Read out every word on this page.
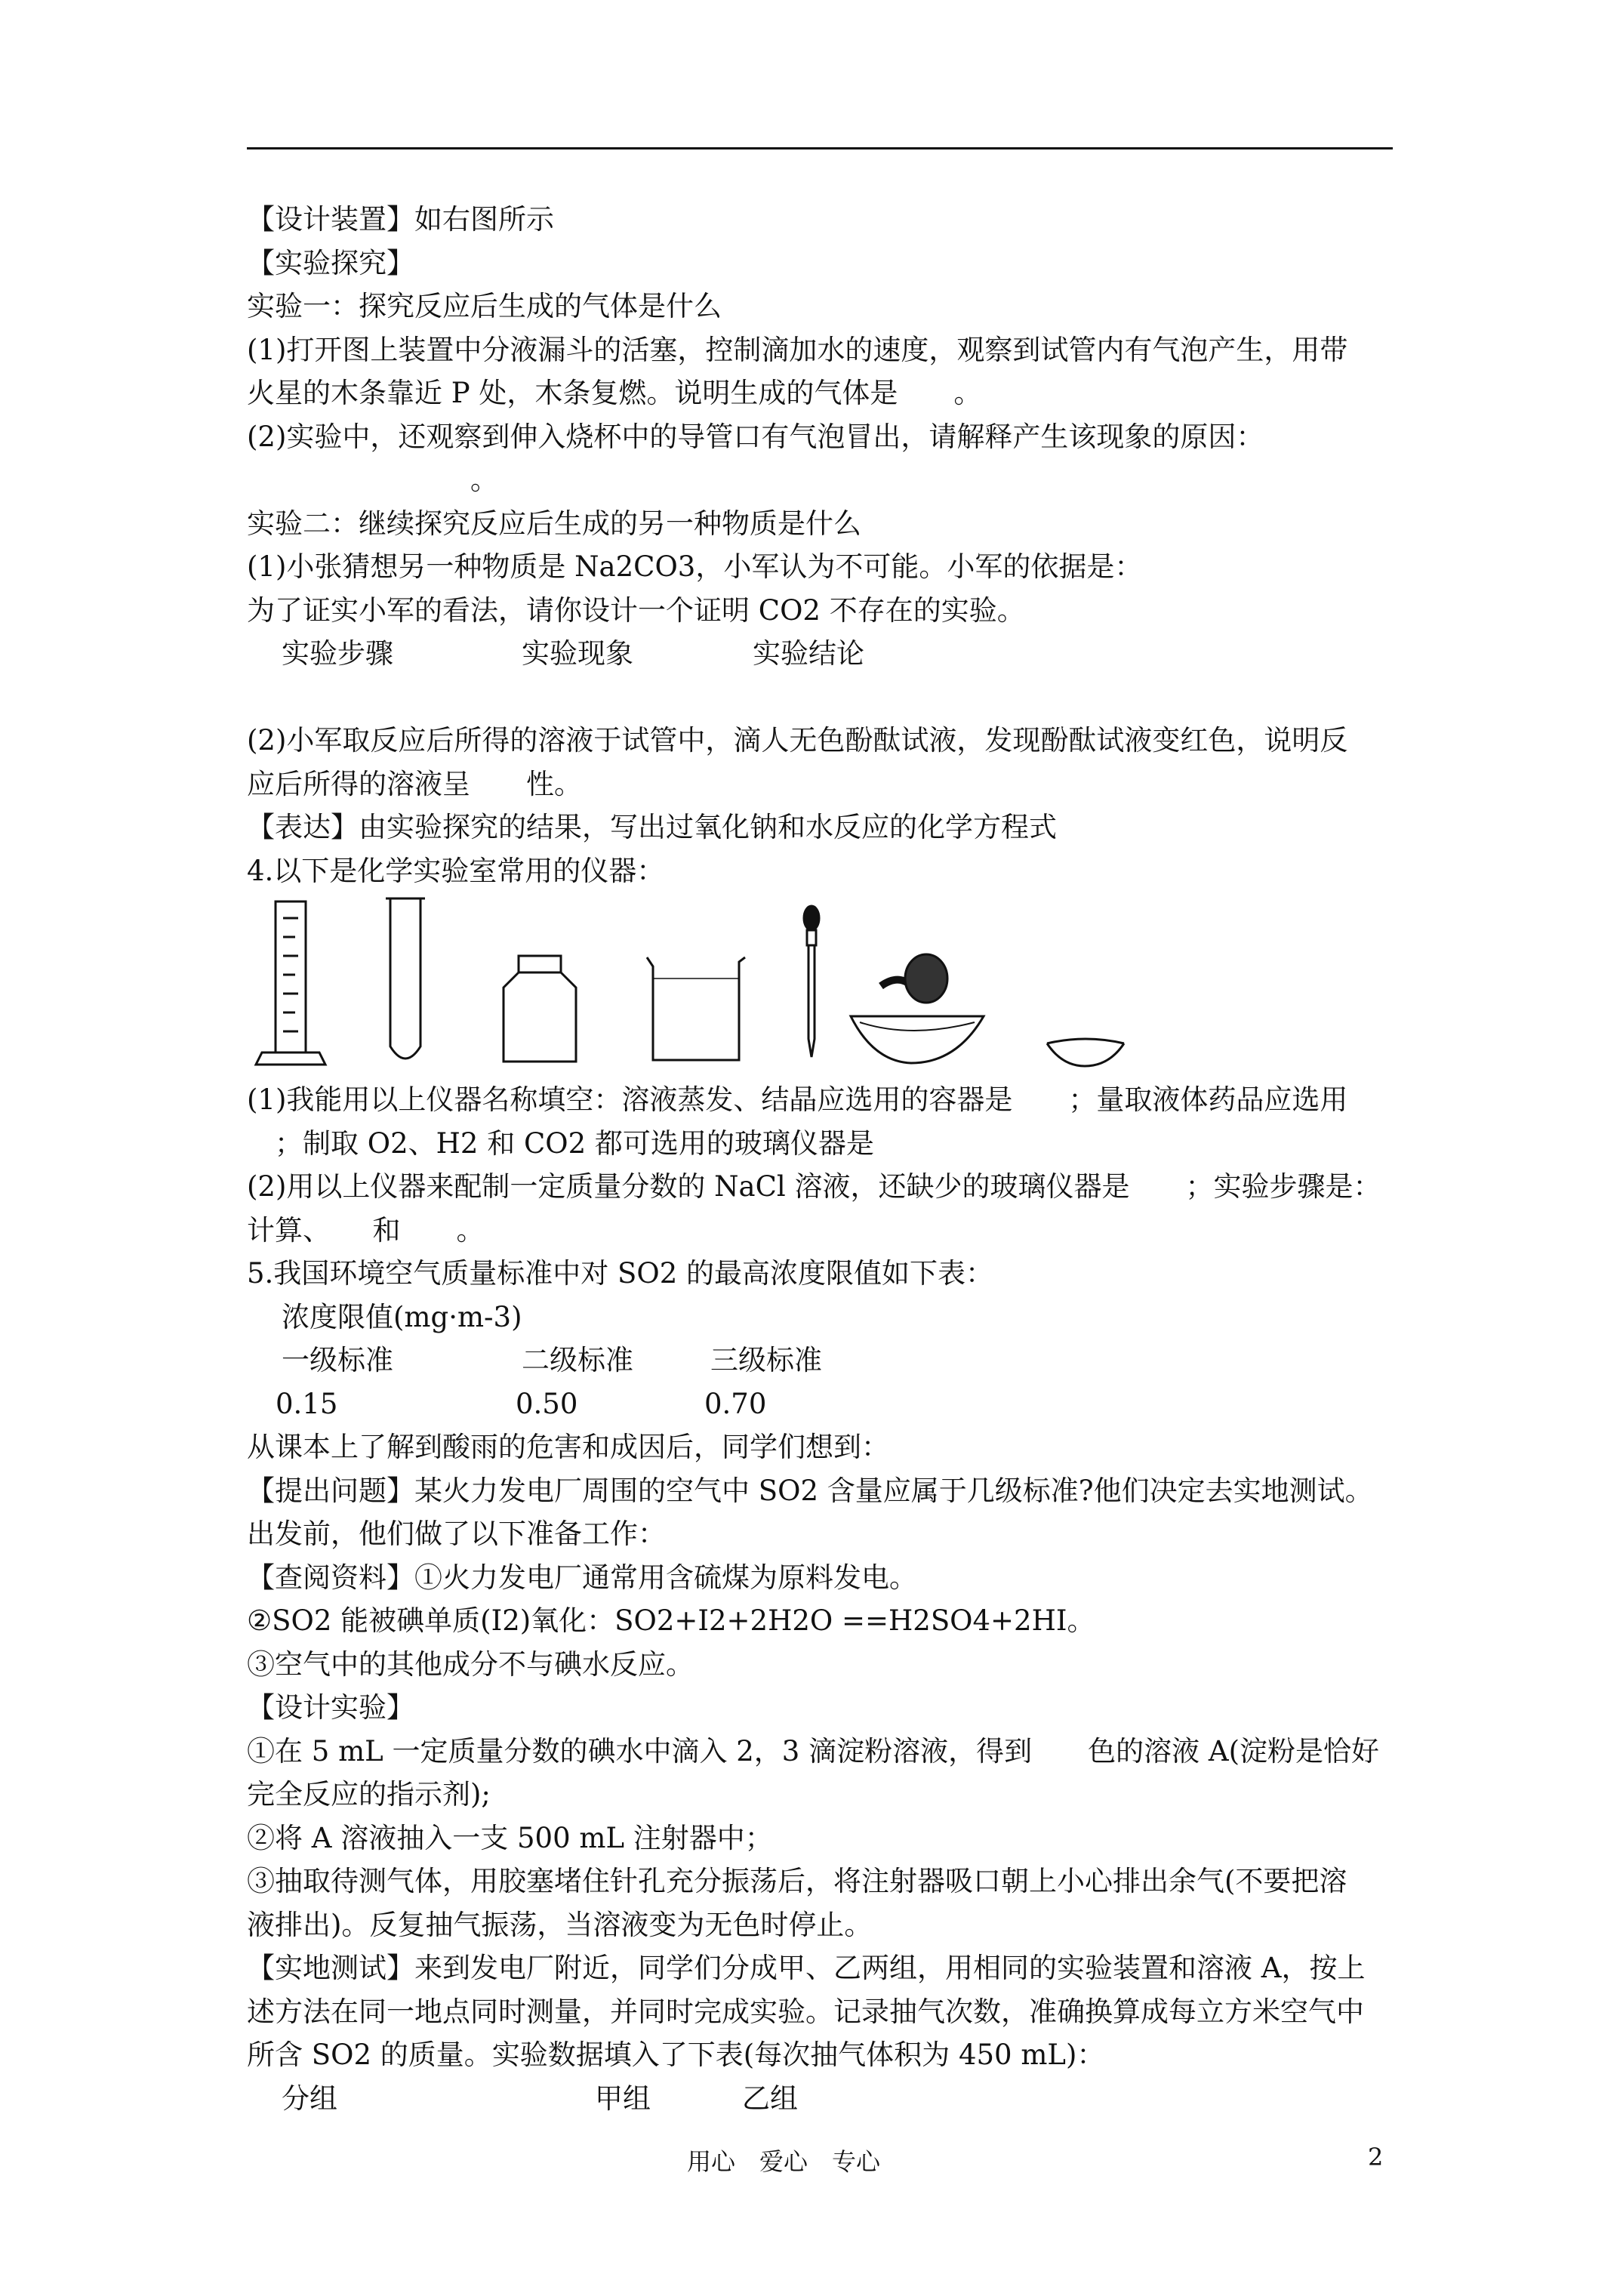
【设计装置】如右图所示
【实验探究】
实验一：探究反应后生成的气体是什么
(1)打开图上装置中分液漏斗的活塞，控制滴加水的速度，观察到试管内有气泡产生，用带
火星的木条靠近 P 处，木条复燃。说明生成的气体是　　。
(2)实验中，还观察到伸入烧杯中的导管口有气泡冒出，请解释产生该现象的原因：
　　　　　　　　。
实验二：继续探究反应后生成的另一种物质是什么
(1)小张猜想另一种物质是 Na2CO3，小军认为不可能。小军的依据是：
为了证实小军的看法，请你设计一个证明 CO2 不存在的实验。
实验步骤	实验现象	实验结论
(2)小军取反应后所得的溶液于试管中，滴人无色酚酞试液，发现酚酞试液变红色，说明反
应后所得的溶液呈　　性。
【表达】由实验探究的结果，写出过氧化钠和水反应的化学方程式
4.以下是化学实验室常用的仪器：
(1)我能用以上仪器名称填空：溶液蒸发、结晶应选用的容器是　　；量取液体药品应选用
　；制取 O2、H2 和 CO2 都可选用的玻璃仪器是
(2)用以上仪器来配制一定质量分数的 NaCl 溶液，还缺少的玻璃仪器是　　；实验步骤是：
计算、　　和　　。
5.我国环境空气质量标准中对 SO2 的最高浓度限值如下表：
浓度限值(mg·m-3)
一级标准	二级标准	三级标准
0.15	0.50	0.70
从课本上了解到酸雨的危害和成因后，同学们想到：
【提出问题】某火力发电厂周围的空气中 SO2 含量应属于几级标准?他们决定去实地测试。
出发前，他们做了以下准备工作：
【查阅资料】①火力发电厂通常用含硫煤为原料发电。
②SO2 能被碘单质(I2)氧化：SO2+I2+2H2O ==H2SO4+2HI。
③空气中的其他成分不与碘水反应。
【设计实验】
①在 5 mL 一定质量分数的碘水中滴入 2，3 滴淀粉溶液，得到　　色的溶液 A(淀粉是恰好
完全反应的指示剂);
②将 A 溶液抽入一支 500 mL 注射器中；
③抽取待测气体，用胶塞堵住针孔充分振荡后，将注射器吸口朝上小心排出余气(不要把溶
液排出)。反复抽气振荡，当溶液变为无色时停止。
【实地测试】来到发电厂附近，同学们分成甲、乙两组，用相同的实验装置和溶液 A，按上
述方法在同一地点同时测量，并同时完成实验。记录抽气次数，准确换算成每立方米空气中
所含 SO2 的质量。实验数据填入了下表(每次抽气体积为 450 mL)：
分组	甲组	乙组
用心　爱心　专心	2
